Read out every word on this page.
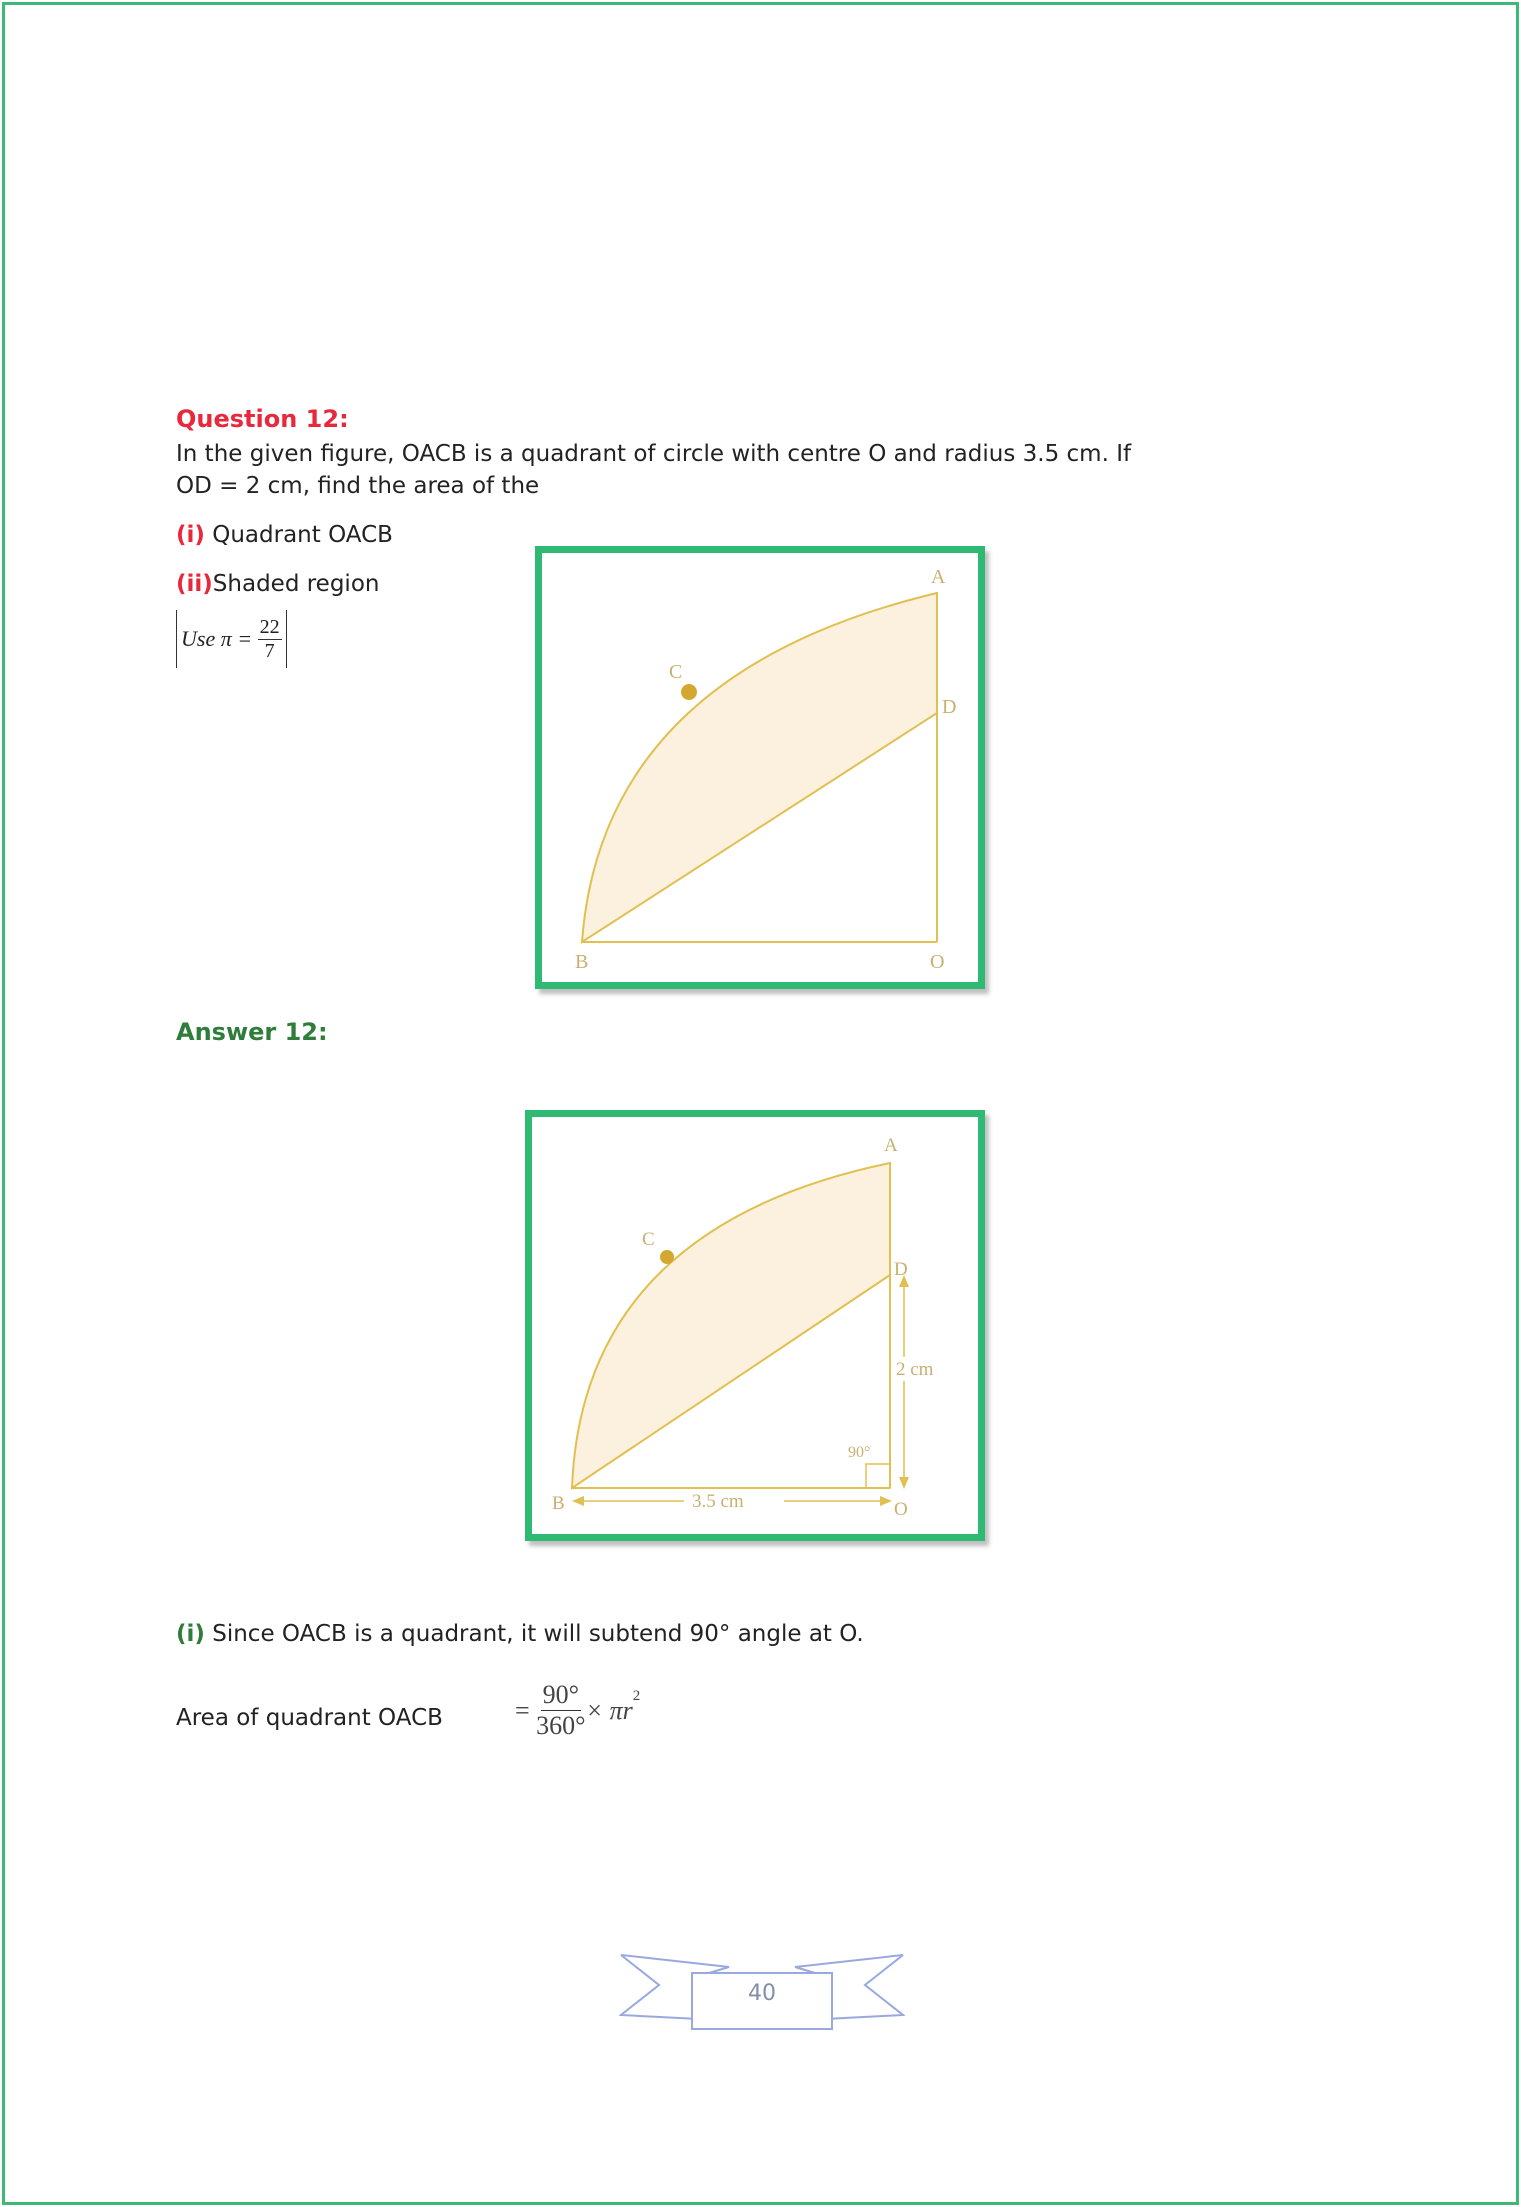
Question 12:
In the given figure, OACB is a quadrant of circle with centre O and radius 3.5 cm. If
OD = 2 cm, find the area of the
(i) Quadrant OACB
(ii)Shaded region
Use π =
$\frac{22}{7}$
A
C
D
B	O
Answer 12:
A
C
D
B	O
2 cm
3.5 cm
90°
(i) Since OACB is a quadrant, it will subtend 90° angle at O.
Area of quadrant OACB	=
$\frac{90^\circ}{360^\circ} \times \pi r^2$
40
